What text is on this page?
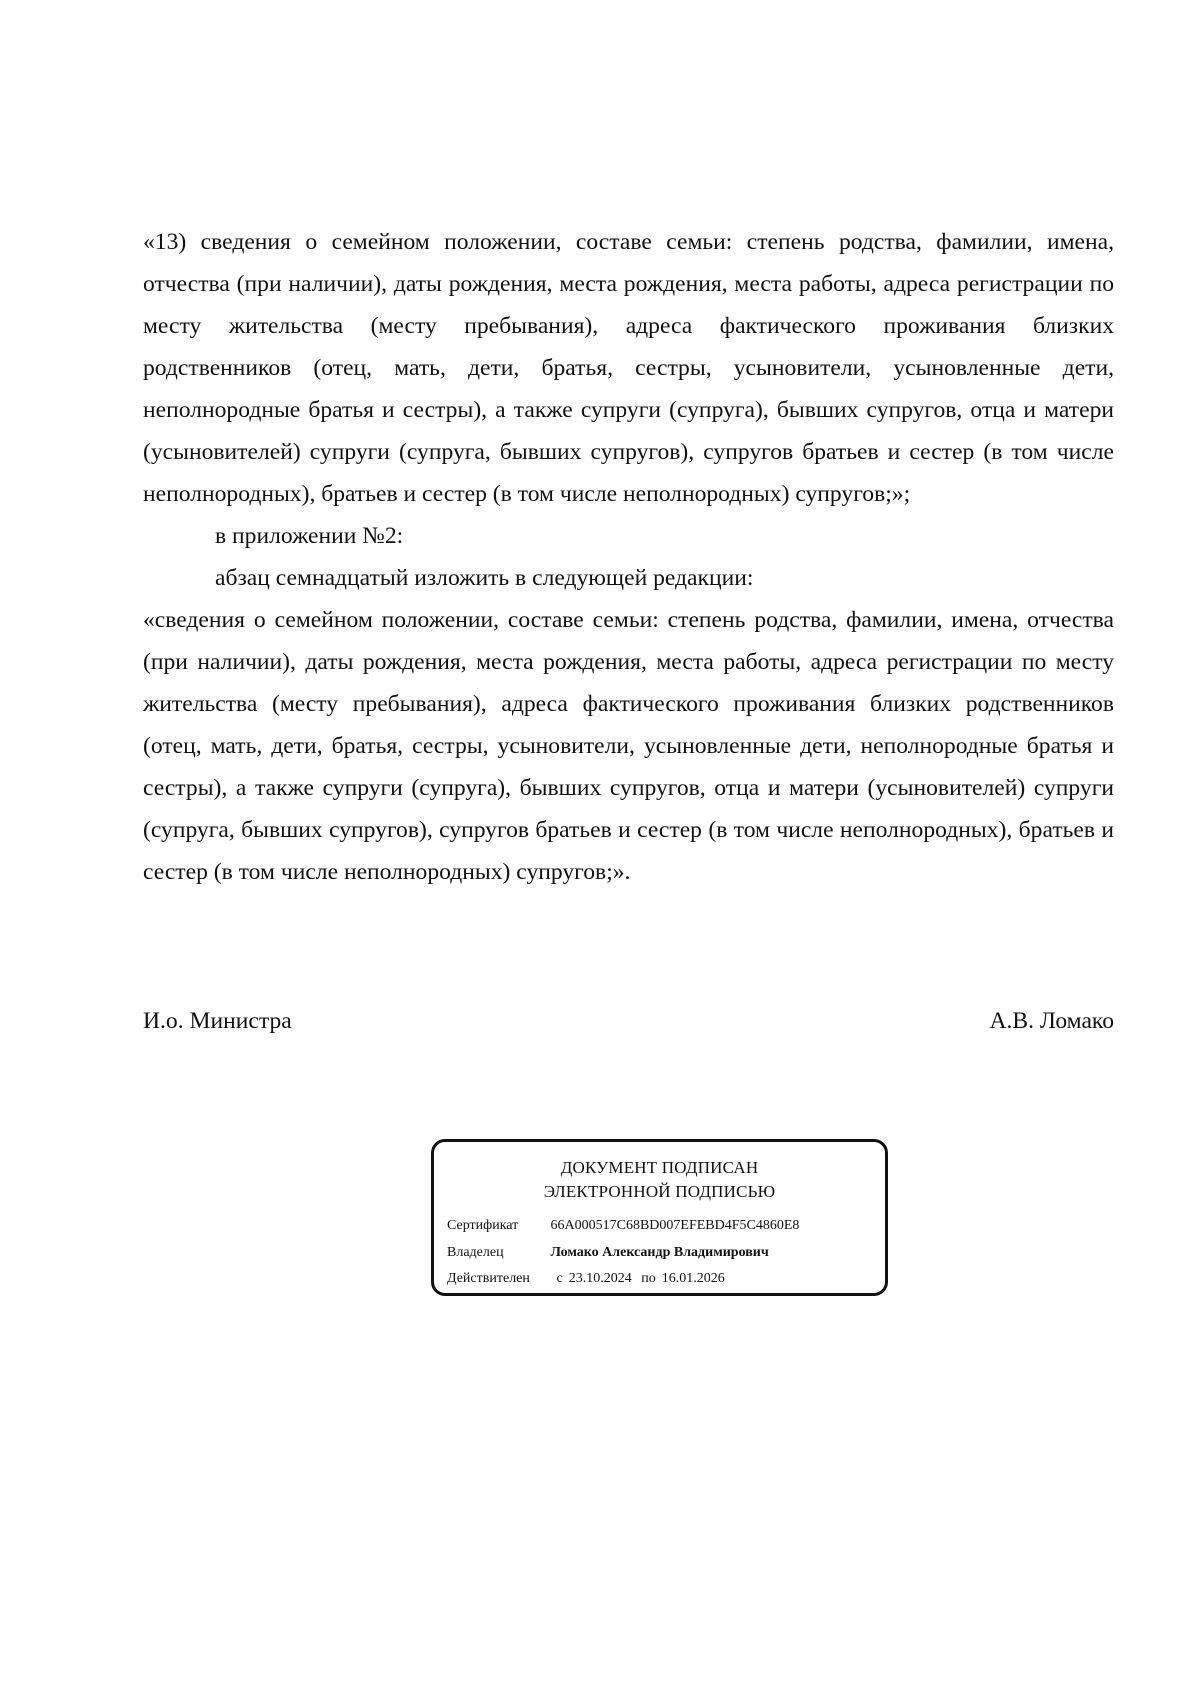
«13) сведения о семейном положении, составе семьи: степень родства, фамилии, имена, отчества (при наличии), даты рождения, места рождения, места работы, адреса регистрации по месту жительства (месту пребывания), адреса фактического проживания близких родственников (отец, мать, дети, братья, сестры, усыновители, усыновленные дети, неполнородные братья и сестры), а также супруги (супруга), бывших супругов, отца и матери (усыновителей) супруги (супруга, бывших супругов), супругов братьев и сестер (в том числе неполнородных), братьев и сестер (в том числе неполнородных) супругов;»;

в приложении №2:

абзац семнадцатый изложить в следующей редакции:

«сведения о семейном положении, составе семьи: степень родства, фамилии, имена, отчества (при наличии), даты рождения, места рождения, места работы, адреса регистрации по месту жительства (месту пребывания), адреса фактического проживания близких родственников (отец, мать, дети, братья, сестры, усыновители, усыновленные дети, неполнородные братья и сестры), а также супруги (супруга), бывших супругов, отца и матери (усыновителей) супруги (супруга, бывших супругов), супругов братьев и сестер (в том числе неполнородных), братьев и сестер (в том числе неполнородных) супругов;».

И.о. Министра	А.В. Ломако
ДОКУМЕНТ ПОДПИСАН
ЭЛЕКТРОННОЙ ПОДПИСЬЮ
Сертификат 66A000517C68BD007EFEBD4F5C4860E8
Владелец	Ломако Александр Владимирович
Действителен с 23.10.2024 по 16.01.2026
